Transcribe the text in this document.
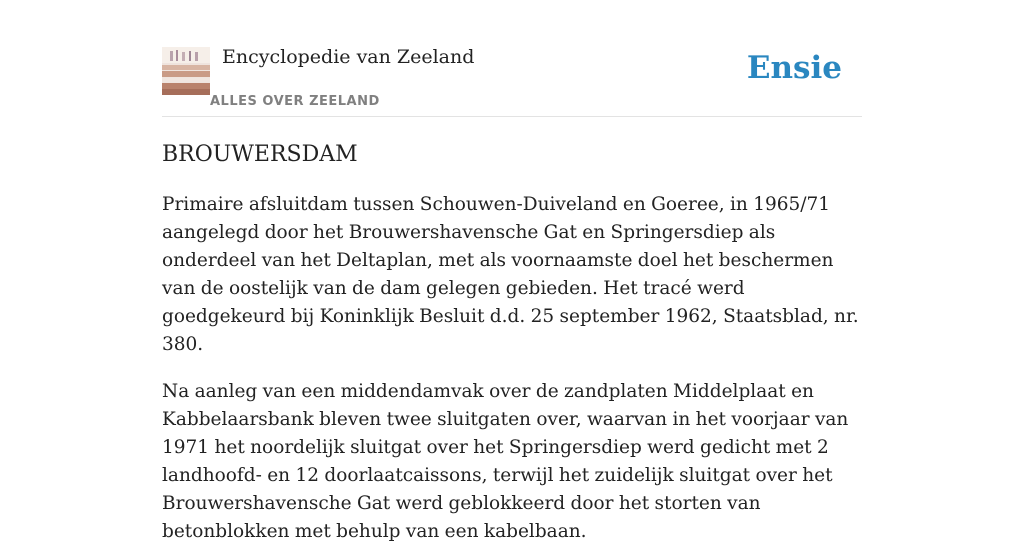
Encyclopedie van Zeeland
ALLES OVER ZEELAND
Ensie
BROUWERSDAM

Primaire afsluitdam tussen Schouwen-Duiveland en Goeree, in 1965/71 aangelegd door het Brouwershavensche Gat en Springersdiep als onderdeel van het Deltaplan, met als voornaamste doel het beschermen van de oostelijk van de dam gelegen gebieden. Het tracé werd goedgekeurd bij Koninklijk Besluit d.d. 25 september 1962, Staatsblad, nr. 380.

Na aanleg van een middendamvak over de zandplaten Middelplaat en Kabbelaarsbank bleven twee sluitgaten over, waarvan in het voorjaar van 1971 het noordelijk sluitgat over het Springersdiep werd gedicht met 2 landhoofd- en 12 doorlaatcaissons, terwijl het zuidelijk sluitgat over het Brouwershavensche Gat werd geblokkeerd door het storten van betonblokken met behulp van een kabelbaan.
